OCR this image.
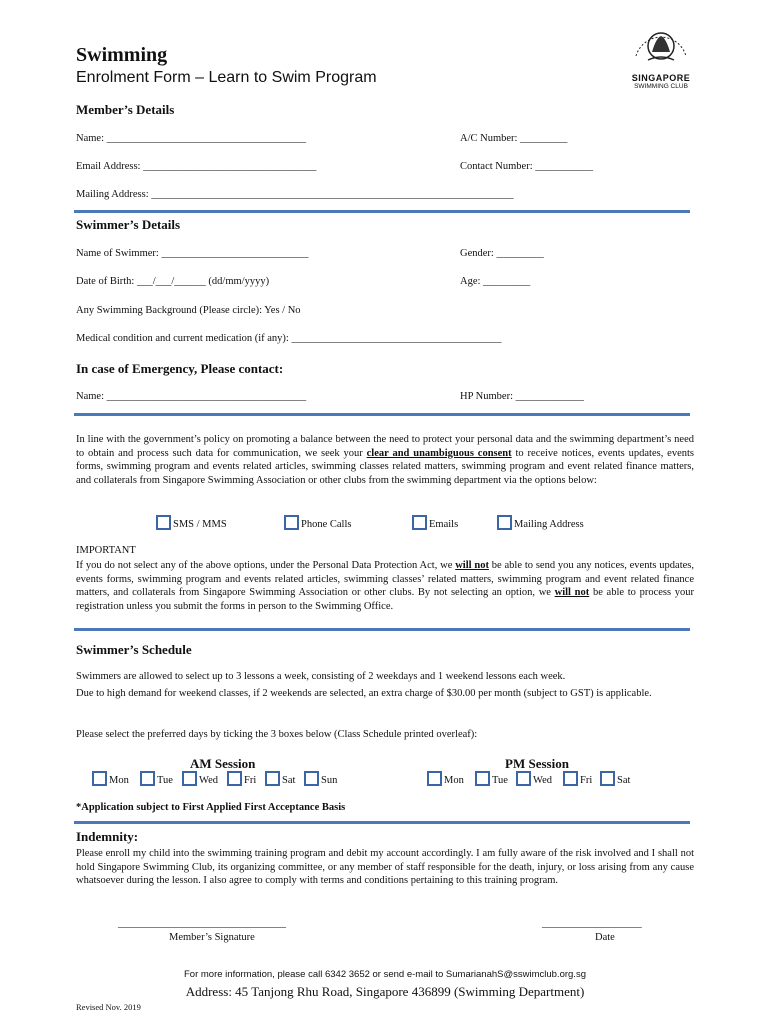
Swimming
Enrolment Form – Learn to Swim Program	SINGAPORE
SWIMMING CLUB
Member’s Details
Name: ______________________________________	A/C Number: _________
Email Address: _________________________________	Contact Number: ___________
Mailing Address: _____________________________________________________________________
Swimmer’s Details
Name of Swimmer: ____________________________	Gender: _________
Date of Birth: ___/___/______ (dd/mm/yyyy)	Age: _________
Any Swimming Background (Please circle): Yes / No
Medical condition and current medication (if any): ________________________________________
In case of Emergency, Please contact:
Name: ______________________________________	HP Number: _____________
In line with the government’s policy on promoting a balance between the need to protect your personal data and the swimming department’s need to obtain and process such data for communication, we seek your clear and unambiguous consent to receive notices, events updates, events forms, swimming program and events related articles, swimming classes related matters, swimming program and event related finance matters, and collaterals from Singapore Swimming Association or other clubs from the swimming department via the options below:
SMS / MMS	Phone Calls	Emails	Mailing Address
IMPORTANT
If you do not select any of the above options, under the Personal Data Protection Act, we will not be able to send you any notices, events updates, events forms, swimming program and events related articles, swimming classes’ related matters, swimming program and event related finance matters, and collaterals from Singapore Swimming Association or other clubs. By not selecting an option, we will not be able to process your registration unless you submit the forms in person to the Swimming Office.
Swimmer’s Schedule
Swimmers are allowed to select up to 3 lessons a week, consisting of 2 weekdays and 1 weekend lessons each week.
Due to high demand for weekend classes, if 2 weekends are selected, an extra charge of $30.00 per month (subject to GST) is applicable.
Please select the preferred days by ticking the 3 boxes below (Class Schedule printed overleaf):
AM Session	PM Session
Mon	Tue	Wed	Fri	Sat	Sun	Mon	Tue	Wed	Fri	Sat
*Application subject to First Applied First Acceptance Basis
Indemnity:
Please enroll my child into the swimming training program and debit my account accordingly. I am fully aware of the risk involved and I shall not hold Singapore Swimming Club, its organizing committee, or any member of staff responsible for the death, injury, or loss arising from any cause whatsoever during the lesson. I also agree to comply with terms and conditions pertaining to this training program.
________________________________	___________________
Member’s Signature	Date
For more information, please call 6342 3652 or send e-mail to SumarianahS@sswimclub.org.sg
Address: 45 Tanjong Rhu Road, Singapore 436899 (Swimming Department)
Revised Nov. 2019
